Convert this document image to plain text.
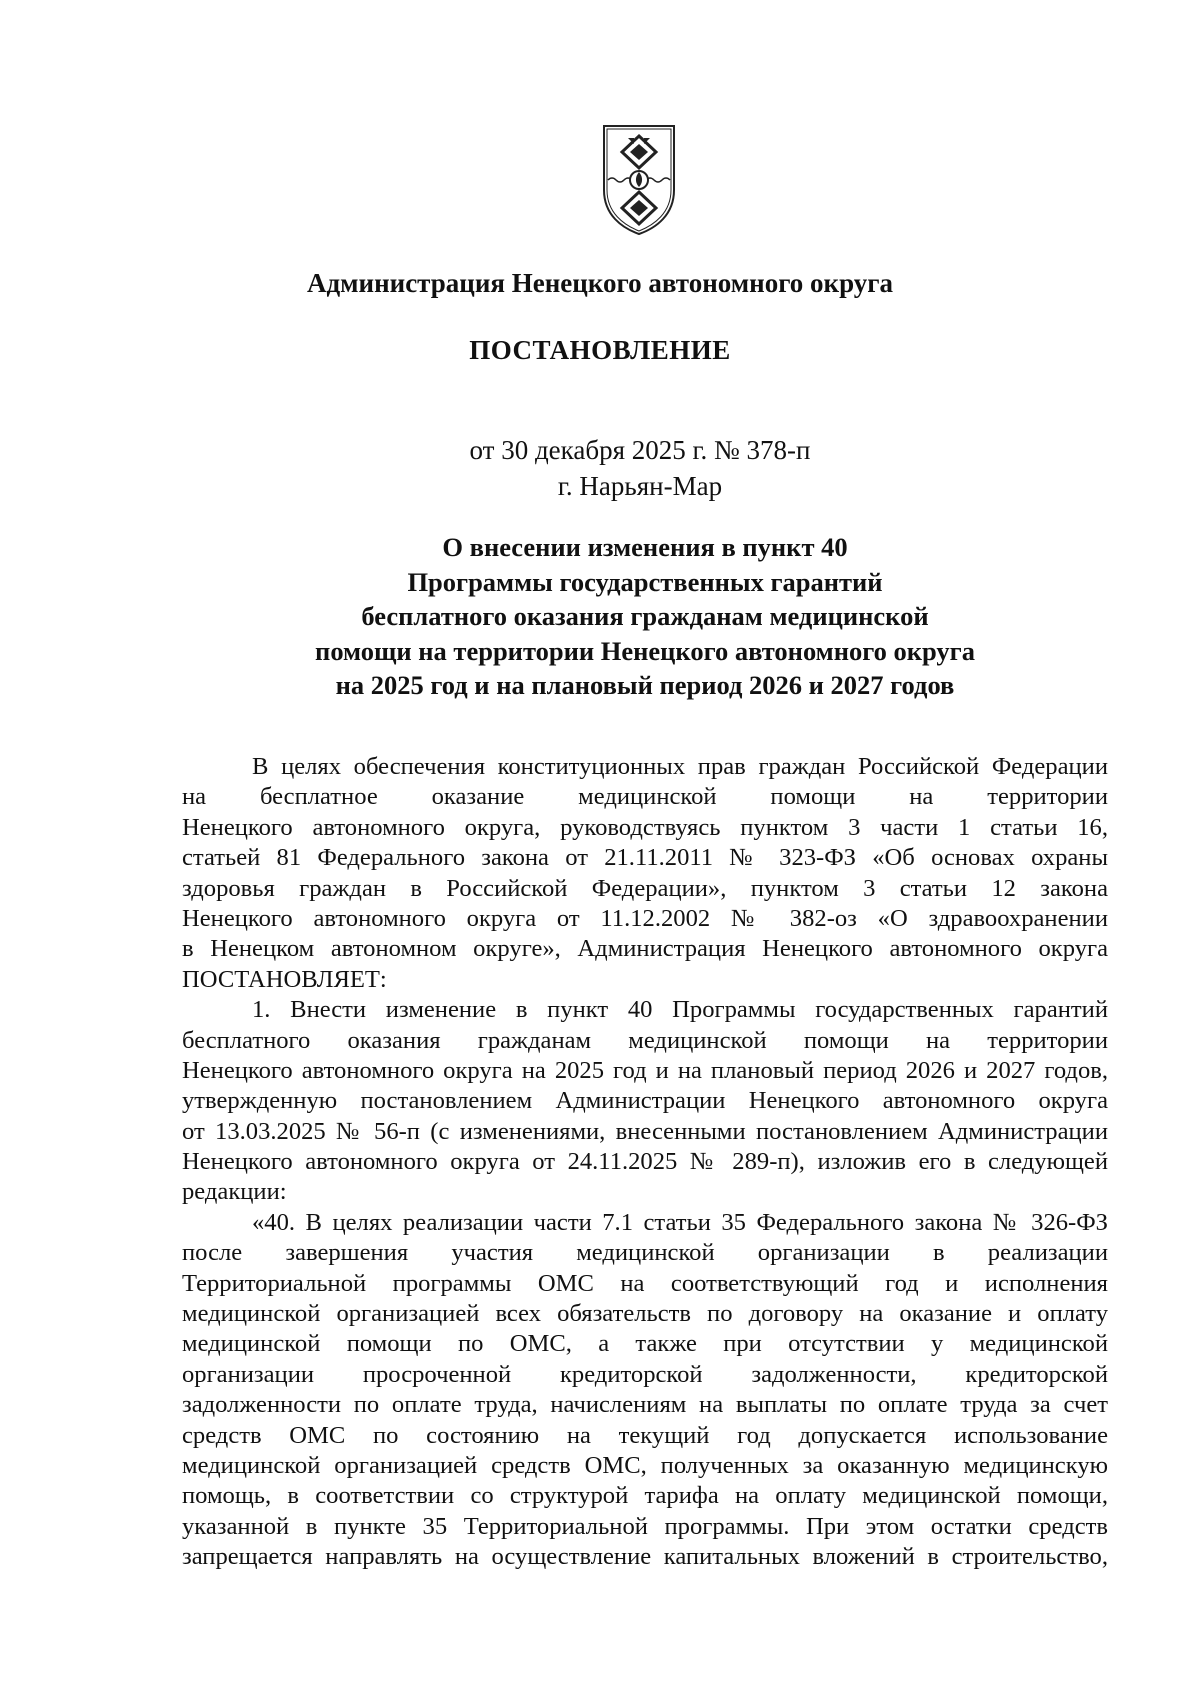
Администрация Ненецкого автономного округа
ПОСТАНОВЛЕНИЕ
от 30 декабря 2025 г. № 378-п
г. Нарьян-Мар
О внесении изменения в пункт 40
Программы государственных гарантий
бесплатного оказания гражданам медицинской
помощи на территории Ненецкого автономного округа
на 2025 год и на плановый период 2026 и 2027 годов
В целях обеспечения конституционных прав граждан Российской Федерации
на бесплатное оказание медицинской помощи на территории
Ненецкого автономного округа, руководствуясь пунктом 3 части 1 статьи 16,
статьей 81 Федерального закона от 21.11.2011 № 323-ФЗ «Об основах охраны
здоровья граждан в Российской Федерации», пунктом 3 статьи 12 закона
Ненецкого автономного округа от 11.12.2002 № 382-оз «О здравоохранении
в Ненецком автономном округе», Администрация Ненецкого автономного округа
ПОСТАНОВЛЯЕТ:
1. Внести изменение в пункт 40 Программы государственных гарантий
бесплатного оказания гражданам медицинской помощи на территории
Ненецкого автономного округа на 2025 год и на плановый период 2026 и 2027 годов,
утвержденную постановлением Администрации Ненецкого автономного округа
от 13.03.2025 № 56-п (с изменениями, внесенными постановлением Администрации
Ненецкого автономного округа от 24.11.2025 № 289-п), изложив его в следующей
редакции:
«40. В целях реализации части 7.1 статьи 35 Федерального закона № 326-ФЗ
после завершения участия медицинской организации в реализации
Территориальной программы ОМС на соответствующий год и исполнения
медицинской организацией всех обязательств по договору на оказание и оплату
медицинской помощи по ОМС, а также при отсутствии у медицинской
организации просроченной кредиторской задолженности, кредиторской
задолженности по оплате труда, начислениям на выплаты по оплате труда за счет
средств ОМС по состоянию на текущий год допускается использование
медицинской организацией средств ОМС, полученных за оказанную медицинскую
помощь, в соответствии со структурой тарифа на оплату медицинской помощи,
указанной в пункте 35 Территориальной программы. При этом остатки средств
запрещается направлять на осуществление капитальных вложений в строительство,
